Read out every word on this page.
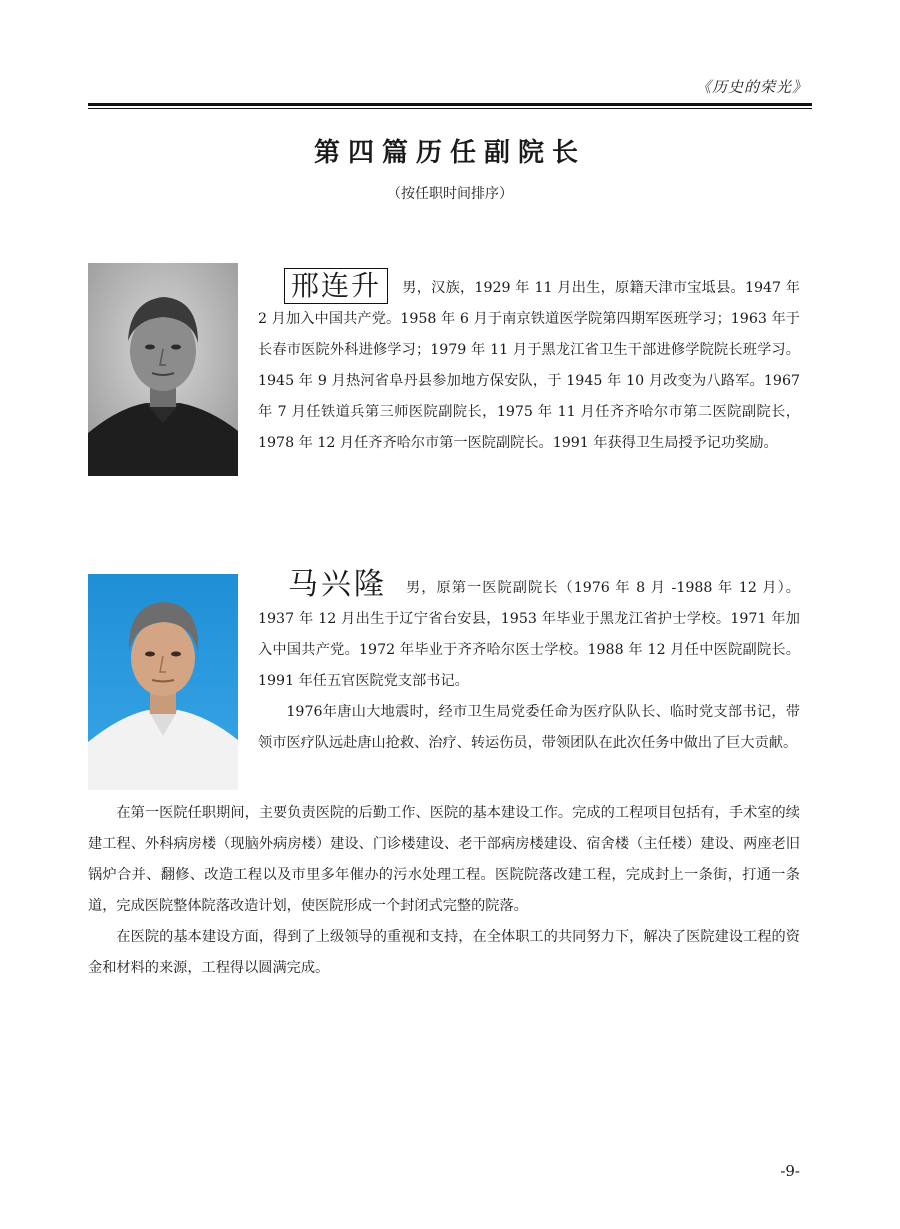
《历史的荣光》
第四篇历任副院长
（按任职时间排序）

邢连升 男，汉族，1929 年 11 月出生，原籍天津市宝坻县。1947 年 2 月加入中国共产党。1958 年 6 月于南京铁道医学院第四期军医班学习；1963 年于长春市医院外科进修学习；1979 年 11 月于黑龙江省卫生干部进修学院院长班学习。1945 年 9 月热河省阜丹县参加地方保安队，于 1945 年 10 月改变为八路军。1967 年 7 月任铁道兵第三师医院副院长，1975 年 11 月任齐齐哈尔市第二医院副院长，1978 年 12 月任齐齐哈尔市第一医院副院长。1991 年获得卫生局授予记功奖励。

马兴隆 男，原第一医院副院长（1976 年 8 月 -1988 年 12 月）。1937 年 12 月出生于辽宁省台安县，1953 年毕业于黑龙江省护士学校。1971 年加入中国共产党。1972 年毕业于齐齐哈尔医士学校。1988 年 12 月任中医院副院长。1991 年任五官医院党支部书记。

1976年唐山大地震时，经市卫生局党委任命为医疗队队长、临时党支部书记，带领市医疗队远赴唐山抢救、治疗、转运伤员，带领团队在此次任务中做出了巨大贡献。

在第一医院任职期间，主要负责医院的后勤工作、医院的基本建设工作。完成的工程项目包括有，手术室的续建工程、外科病房楼（现脑外病房楼）建设、门诊楼建设、老干部病房楼建设、宿舍楼（主任楼）建设、两座老旧锅炉合并、翻修、改造工程以及市里多年催办的污水处理工程。医院院落改建工程，完成封上一条街，打通一条道，完成医院整体院落改造计划，使医院形成一个封闭式完整的院落。

在医院的基本建设方面，得到了上级领导的重视和支持，在全体职工的共同努力下，解决了医院建设工程的资金和材料的来源，工程得以圆满完成。

-9-
